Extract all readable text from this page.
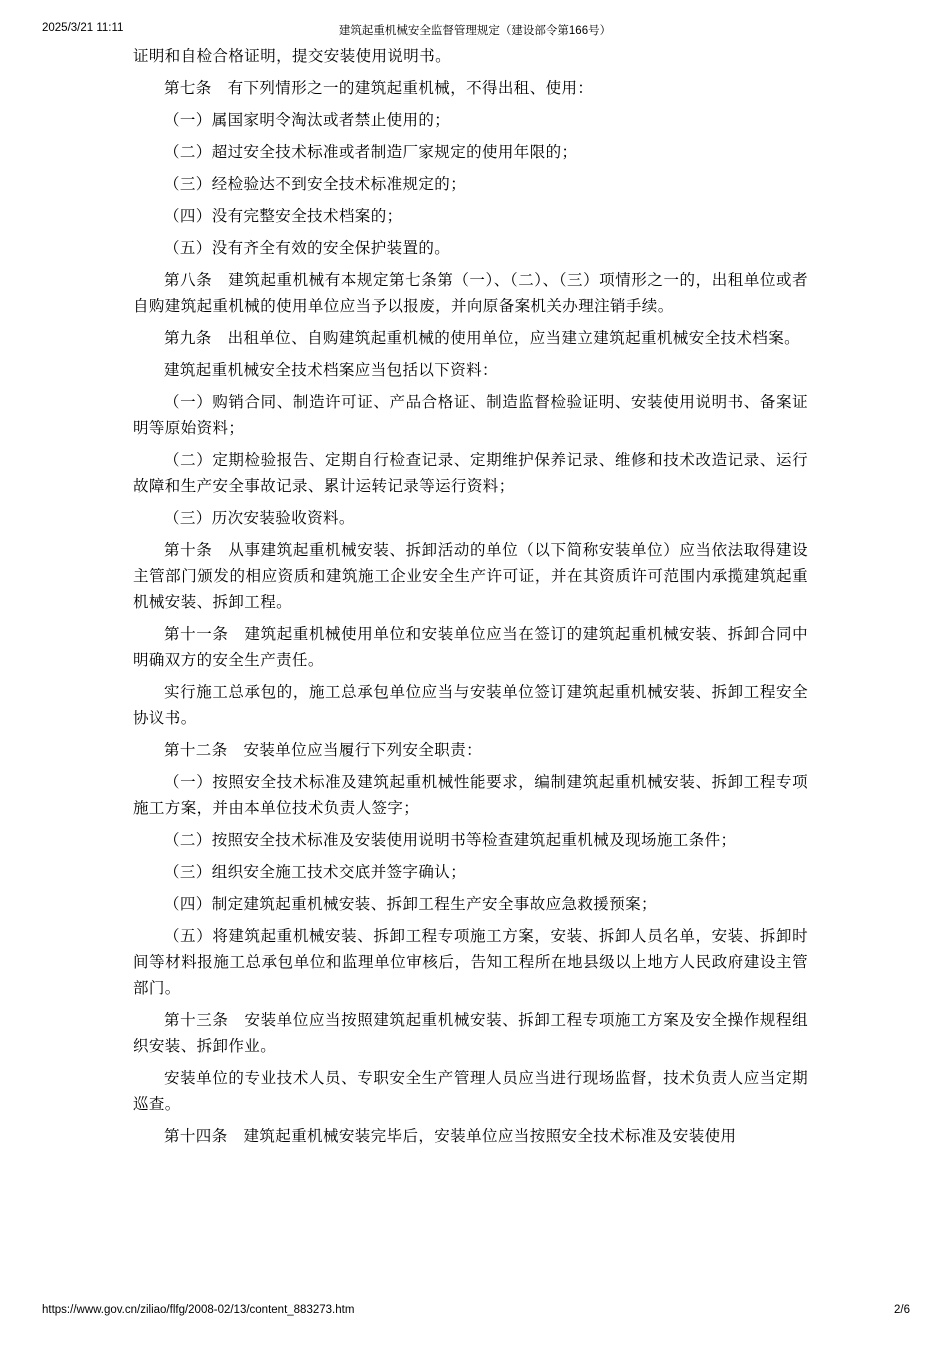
2025/3/21 11:11	建筑起重机械安全监督管理规定（建设部令第166号）

证明和自检合格证明，提交安装使用说明书。

第七条　有下列情形之一的建筑起重机械，不得出租、使用：

（一）属国家明令淘汰或者禁止使用的；

（二）超过安全技术标准或者制造厂家规定的使用年限的；

（三）经检验达不到安全技术标准规定的；

（四）没有完整安全技术档案的；

（五）没有齐全有效的安全保护装置的。

第八条　建筑起重机械有本规定第七条第（一）、（二）、（三）项情形之一的，出租单位或者自购建筑起重机械的使用单位应当予以报废，并向原备案机关办理注销手续。

第九条　出租单位、自购建筑起重机械的使用单位，应当建立建筑起重机械安全技术档案。

建筑起重机械安全技术档案应当包括以下资料：

（一）购销合同、制造许可证、产品合格证、制造监督检验证明、安装使用说明书、备案证明等原始资料；

（二）定期检验报告、定期自行检查记录、定期维护保养记录、维修和技术改造记录、运行故障和生产安全事故记录、累计运转记录等运行资料；

（三）历次安装验收资料。

第十条　从事建筑起重机械安装、拆卸活动的单位（以下简称安装单位）应当依法取得建设主管部门颁发的相应资质和建筑施工企业安全生产许可证，并在其资质许可范围内承揽建筑起重机械安装、拆卸工程。

第十一条　建筑起重机械使用单位和安装单位应当在签订的建筑起重机械安装、拆卸合同中明确双方的安全生产责任。

实行施工总承包的，施工总承包单位应当与安装单位签订建筑起重机械安装、拆卸工程安全协议书。

第十二条　安装单位应当履行下列安全职责：

（一）按照安全技术标准及建筑起重机械性能要求，编制建筑起重机械安装、拆卸工程专项施工方案，并由本单位技术负责人签字；

（二）按照安全技术标准及安装使用说明书等检查建筑起重机械及现场施工条件；

（三）组织安全施工技术交底并签字确认；

（四）制定建筑起重机械安装、拆卸工程生产安全事故应急救援预案；

（五）将建筑起重机械安装、拆卸工程专项施工方案，安装、拆卸人员名单，安装、拆卸时间等材料报施工总承包单位和监理单位审核后，告知工程所在地县级以上地方人民政府建设主管部门。

第十三条　安装单位应当按照建筑起重机械安装、拆卸工程专项施工方案及安全操作规程组织安装、拆卸作业。

安装单位的专业技术人员、专职安全生产管理人员应当进行现场监督，技术负责人应当定期巡查。

第十四条　建筑起重机械安装完毕后，安装单位应当按照安全技术标准及安装使用

https://www.gov.cn/ziliao/flfg/2008-02/13/content_883273.htm	2/6
